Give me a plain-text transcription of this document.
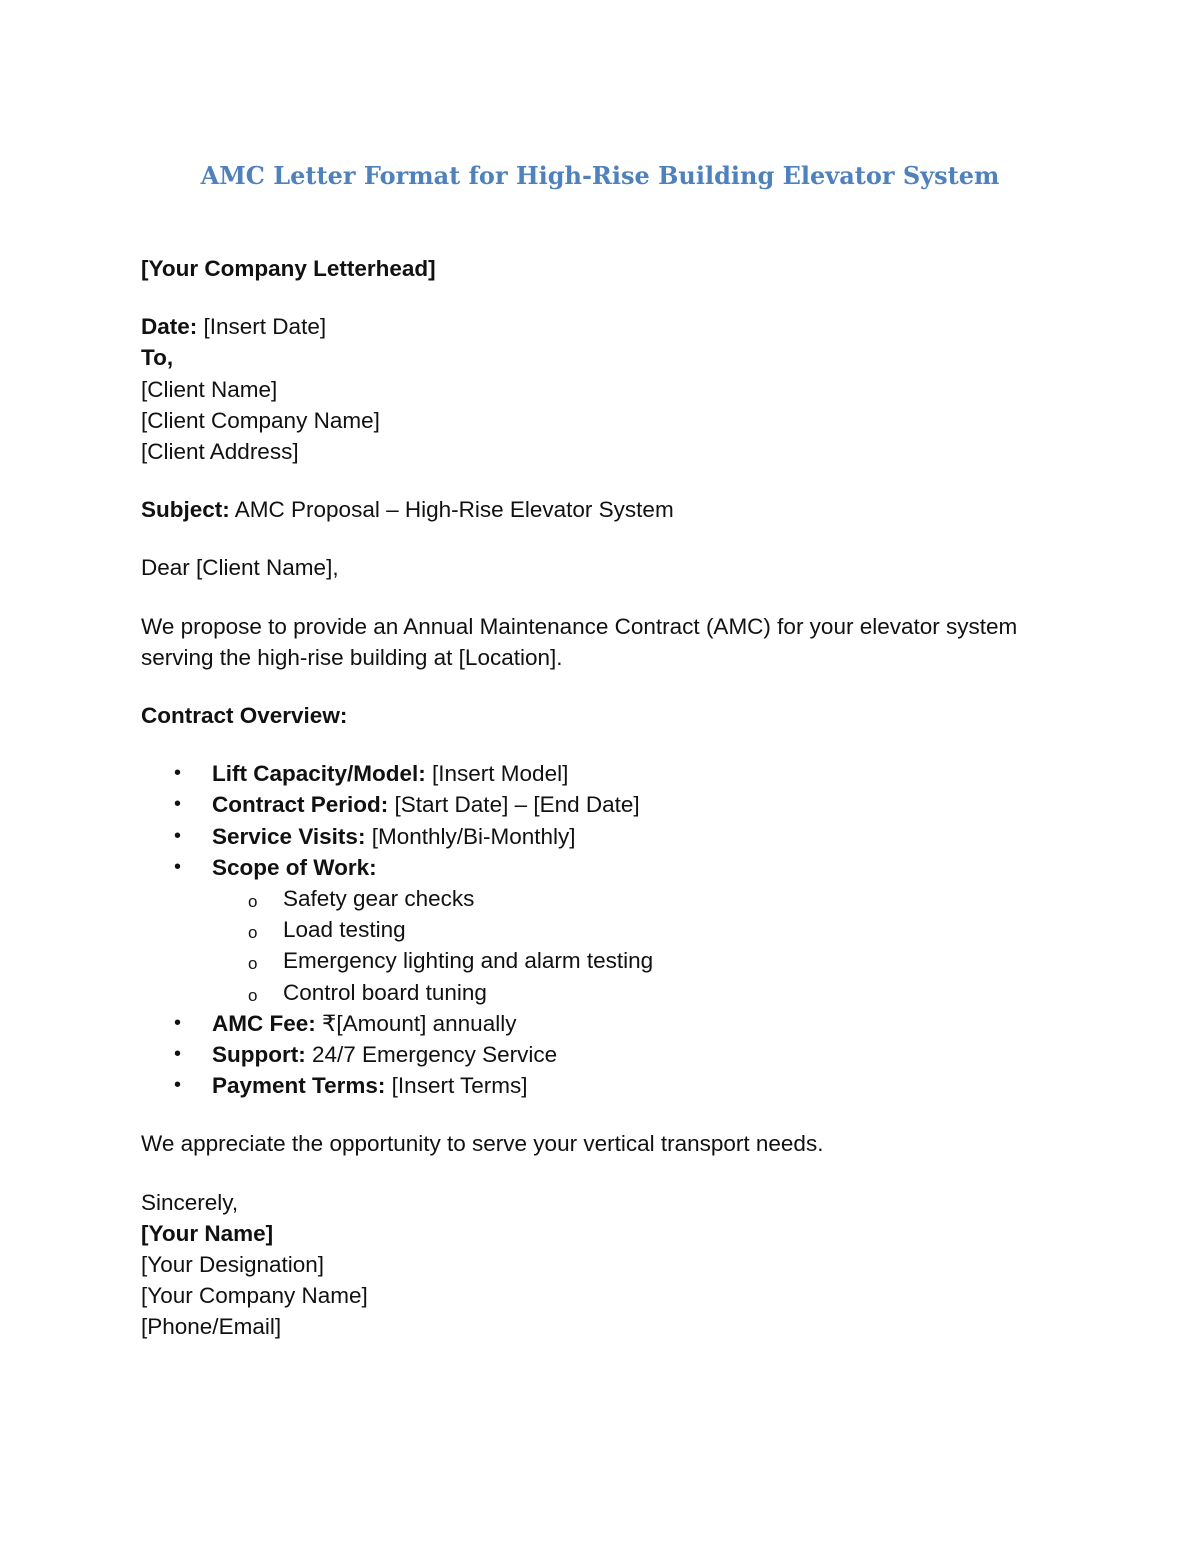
AMC Letter Format for High-Rise Building Elevator System

[Your Company Letterhead]

Date: [Insert Date]

To,

[Client Name]

[Client Company Name]

[Client Address]

Subject: AMC Proposal – High-Rise Elevator System

Dear [Client Name],

We propose to provide an Annual Maintenance Contract (AMC) for your elevator system

serving the high-rise building at [Location].

Contract Overview:

• Lift Capacity/Model: [Insert Model]
• Contract Period: [Start Date] – [End Date]
• Service Visits: [Monthly/Bi-Monthly]
• Scope of Work:
o Safety gear checks
o Load testing
o Emergency lighting and alarm testing
o Control board tuning
• AMC Fee: ₹[Amount] annually
• Support: 24/7 Emergency Service
• Payment Terms: [Insert Terms]

We appreciate the opportunity to serve your vertical transport needs.

Sincerely,

[Your Name]

[Your Designation]

[Your Company Name]

[Phone/Email]
